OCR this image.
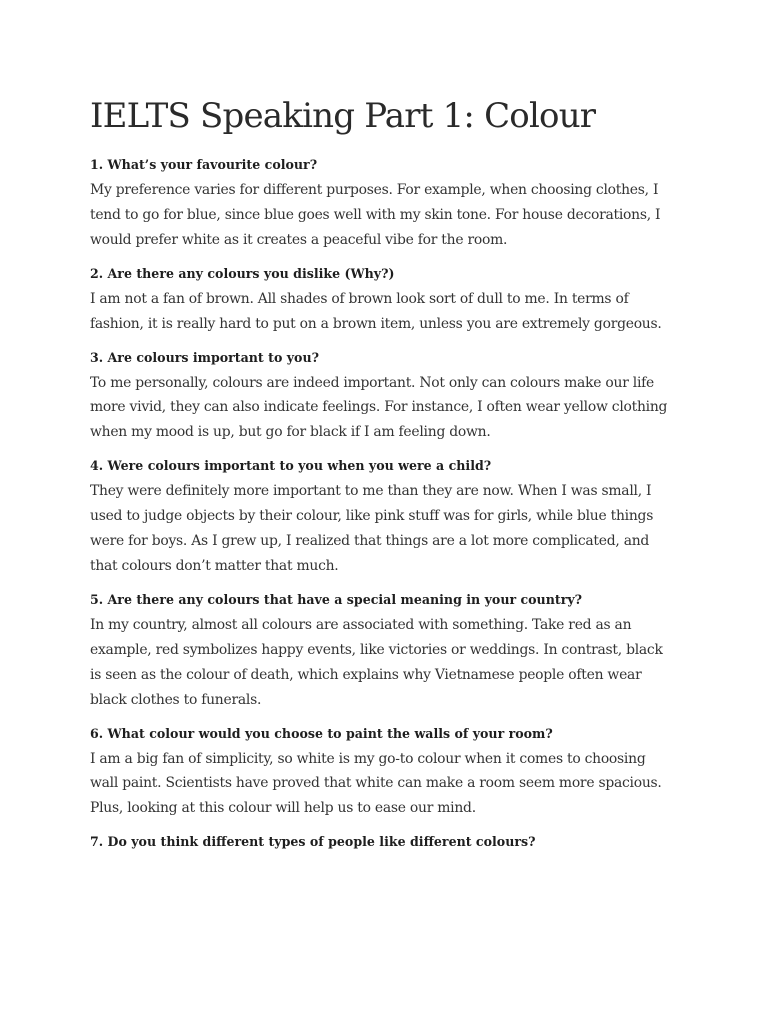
IELTS Speaking Part 1: Colour
1. What’s your favourite colour?

My preference varies for different purposes. For example, when choosing clothes, I
tend to go for blue, since blue goes well with my skin tone. For house decorations, I
would prefer white as it creates a peaceful vibe for the room.

2. Are there any colours you dislike (Why?)

I am not a fan of brown. All shades of brown look sort of dull to me. In terms of
fashion, it is really hard to put on a brown item, unless you are extremely gorgeous.

3. Are colours important to you?

To me personally, colours are indeed important. Not only can colours make our life
more vivid, they can also indicate feelings. For instance, I often wear yellow clothing
when my mood is up, but go for black if I am feeling down.

4. Were colours important to you when you were a child?

They were definitely more important to me than they are now. When I was small, I
used to judge objects by their colour, like pink stuff was for girls, while blue things
were for boys. As I grew up, I realized that things are a lot more complicated, and
that colours don’t matter that much.

5. Are there any colours that have a special meaning in your country?

In my country, almost all colours are associated with something. Take red as an
example, red symbolizes happy events, like victories or weddings. In contrast, black
is seen as the colour of death, which explains why Vietnamese people often wear
black clothes to funerals.

6. What colour would you choose to paint the walls of your room?

I am a big fan of simplicity, so white is my go-to colour when it comes to choosing
wall paint. Scientists have proved that white can make a room seem more spacious.
Plus, looking at this colour will help us to ease our mind.

7. Do you think different types of people like different colours?
